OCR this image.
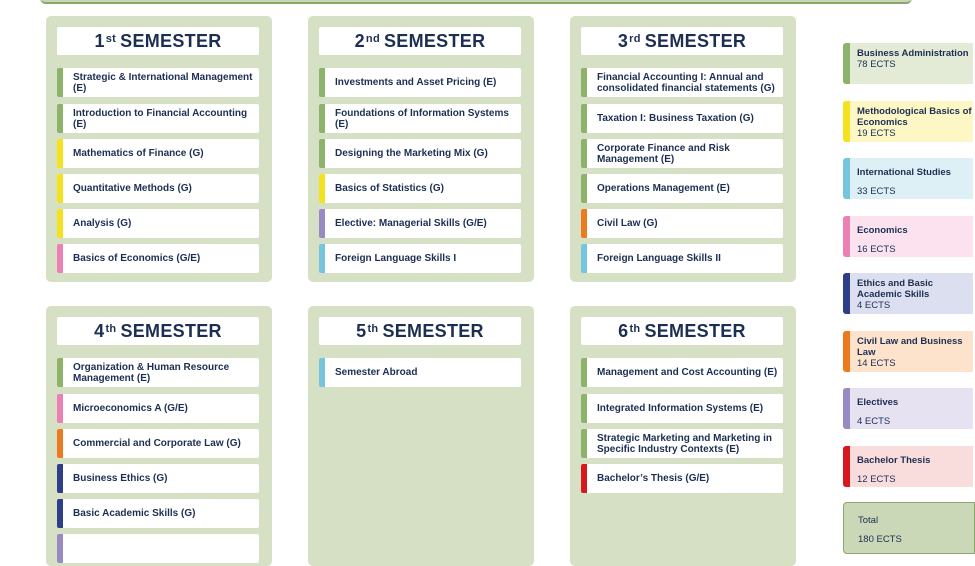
1st SEMESTER
Strategic & International Management (E)
Introduction to Financial Accounting (E)
Mathematics of Finance (G)
Quantitative Methods (G)
Analysis (G)
Basics of Economics (G/E)
2nd SEMESTER
Investments and Asset Pricing (E)
Foundations of Information Systems (E)
Designing the Marketing Mix (G)
Basics of Statistics (G)
Elective: Managerial Skills (G/E)
Foreign Language Skills I
3rd SEMESTER
Financial Accounting I: Annual and consolidated financial statements (G)
Taxation I: Business Taxation (G)
Corporate Finance and Risk Management (E)
Operations Management (E)
Civil Law (G)
Foreign Language Skills II
4th SEMESTER
Organization & Human Resource Management (E)
Microeconomics A (G/E)
Commercial and Corporate Law (G)
Business Ethics (G)
Basic Academic Skills (G)
5th SEMESTER
Semester Abroad
6th SEMESTER
Management and Cost Accounting (E)
Integrated Information Systems (E)
Strategic Marketing and Marketing in Specific Industry Contexts (E)
Bachelor’s Thesis (G/E)
Business Administration
78 ECTS
Methodological Basics of Economics
19 ECTS
International Studies
33 ECTS
Economics
16 ECTS
Ethics and Basic Academic Skills
4 ECTS
Civil Law and Business Law
14 ECTS
Electives
4 ECTS
Bachelor Thesis
12 ECTS
Total
180 ECTS
